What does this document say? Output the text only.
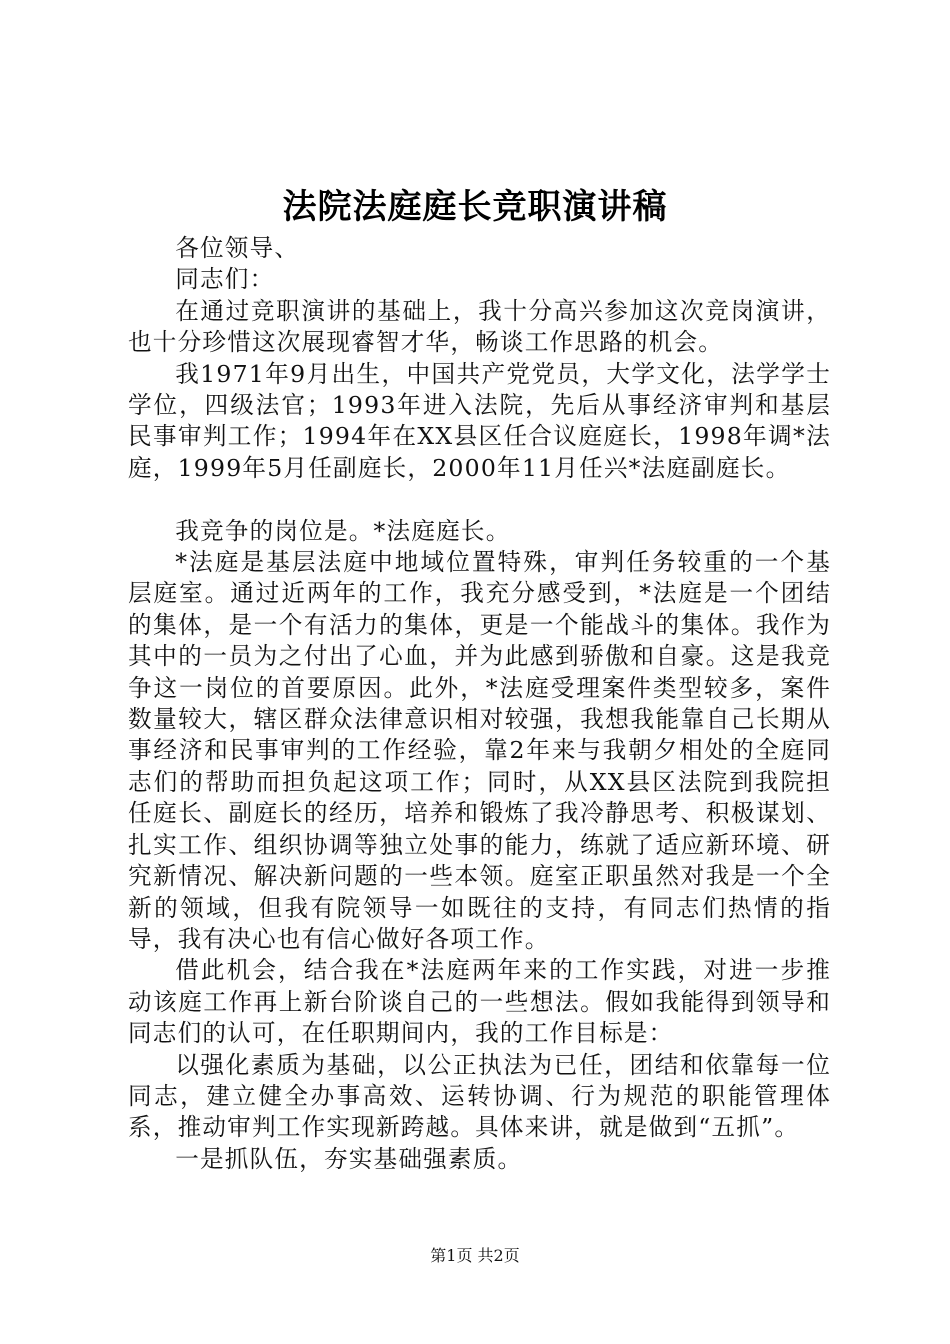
法院法庭庭长竞职演讲稿

各位领导、

同志们：

在通过竞职演讲的基础上，我十分高兴参加这次竞岗演讲，也十分珍惜这次展现睿智才华，畅谈工作思路的机会。

我1971年9月出生，中国共产党党员，大学文化，法学学士学位，四级法官；1993年进入法院，先后从事经济审判和基层民事审判工作；1994年在XX县区任合议庭庭长，1998年调*法庭，1999年5月任副庭长，2000年11月任兴*法庭副庭长。

我竞争的岗位是。*法庭庭长。

*法庭是基层法庭中地域位置特殊，审判任务较重的一个基层庭室。通过近两年的工作，我充分感受到，*法庭是一个团结的集体，是一个有活力的集体，更是一个能战斗的集体。我作为其中的一员为之付出了心血，并为此感到骄傲和自豪。这是我竞争这一岗位的首要原因。此外，*法庭受理案件类型较多，案件数量较大，辖区群众法律意识相对较强，我想我能靠自己长期从事经济和民事审判的工作经验，靠2年来与我朝夕相处的全庭同志们的帮助而担负起这项工作；同时，从XX县区法院到我院担任庭长、副庭长的经历，培养和锻炼了我冷静思考、积极谋划、扎实工作、组织协调等独立处事的能力，练就了适应新环境、研究新情况、解决新问题的一些本领。庭室正职虽然对我是一个全新的领域，但我有院领导一如既往的支持，有同志们热情的指导，我有决心也有信心做好各项工作。

借此机会，结合我在*法庭两年来的工作实践，对进一步推动该庭工作再上新台阶谈自己的一些想法。假如我能得到领导和同志们的认可，在任职期间内，我的工作目标是：

以强化素质为基础，以公正执法为已任，团结和依靠每一位同志，建立健全办事高效、运转协调、行为规范的职能管理体系，推动审判工作实现新跨越。具体来讲，就是做到“五抓”。

一是抓队伍，夯实基础强素质。

第1页 共2页
